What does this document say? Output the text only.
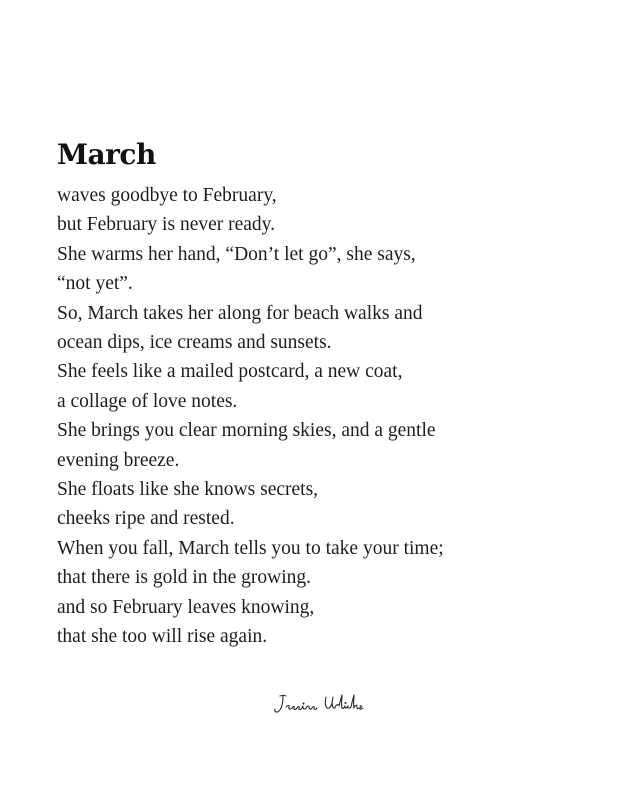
March
waves goodbye to February,
but February is never ready.
She warms her hand, “Don’t let go”, she says,
“not yet”.
So, March takes her along for beach walks and
ocean dips, ice creams and sunsets.
She feels like a mailed postcard, a new coat,
a collage of love notes.
She brings you clear morning skies, and a gentle
evening breeze.
She floats like she knows secrets,
cheeks ripe and rested.
When you fall, March tells you to take your time;
that there is gold in the growing.
and so February leaves knowing,
that she too will rise again.
